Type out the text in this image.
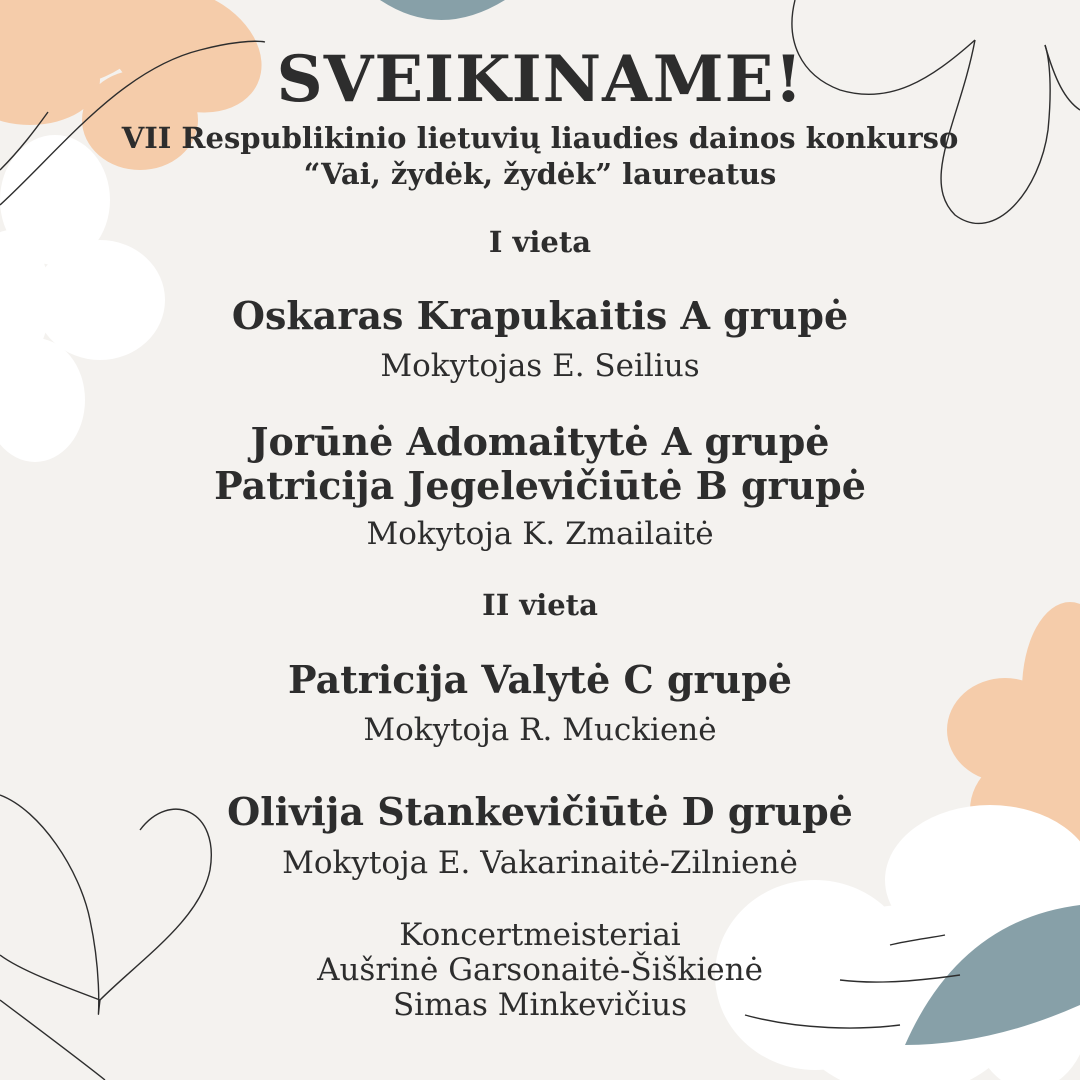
SVEIKINAME!
VII Respublikinio lietuvių liaudies dainos konkurso
“Vai, žydėk, žydėk” laureatus
I vieta
Oskaras Krapukaitis A grupė
Mokytojas E. Seilius
Jorūnė Adomaitytė A grupė
Patricija Jegelevičiūtė B grupė
Mokytoja K. Zmailaitė
II vieta
Patricija Valytė C grupė
Mokytoja R. Muckienė
Olivija Stankevičiūtė D grupė
Mokytoja E. Vakarinaitė-Zilnienė
Koncertmeisteriai
Aušrinė Garsonaitė-Šiškienė
Simas Minkevičius
